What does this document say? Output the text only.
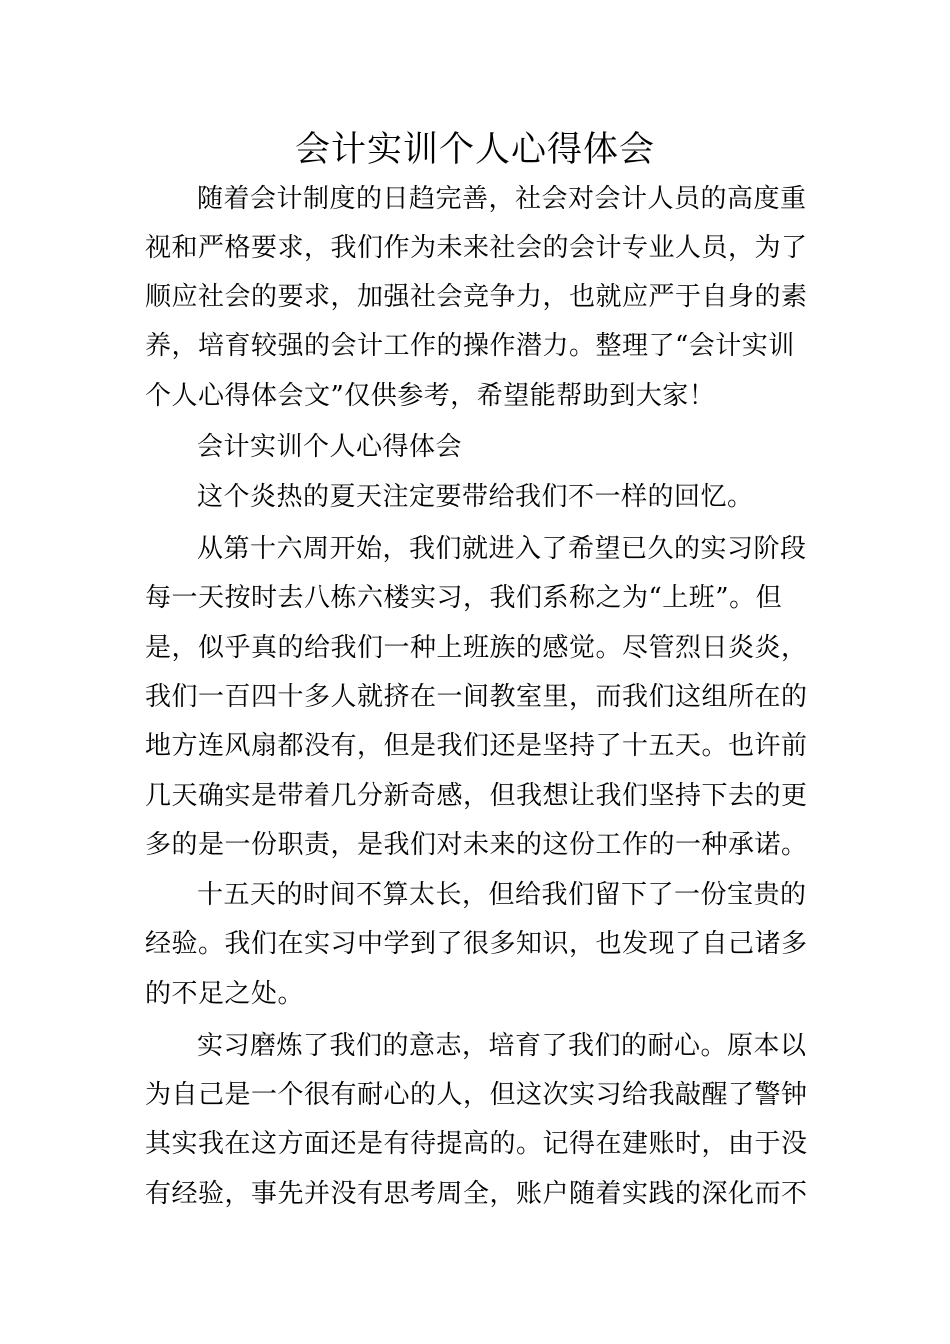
会计实训个人心得体会
随着会计制度的日趋完善，社会对会计人员的高度重
视和严格要求，我们作为未来社会的会计专业人员，为了
顺应社会的要求，加强社会竞争力，也就应严于自身的素
养，培育较强的会计工作的操作潜力。整理了“会计实训
个人心得体会文”仅供参考，希望能帮助到大家！
会计实训个人心得体会
这个炎热的夏天注定要带给我们不一样的回忆。
从第十六周开始，我们就进入了希望已久的实习阶段
每一天按时去八栋六楼实习，我们系称之为“上班”。但
是，似乎真的给我们一种上班族的感觉。尽管烈日炎炎，
我们一百四十多人就挤在一间教室里，而我们这组所在的
地方连风扇都没有，但是我们还是坚持了十五天。也许前
几天确实是带着几分新奇感，但我想让我们坚持下去的更
多的是一份职责，是我们对未来的这份工作的一种承诺。
十五天的时间不算太长，但给我们留下了一份宝贵的
经验。我们在实习中学到了很多知识，也发现了自己诸多
的不足之处。
实习磨炼了我们的意志，培育了我们的耐心。原本以
为自己是一个很有耐心的人，但这次实习给我敲醒了警钟
其实我在这方面还是有待提高的。记得在建账时，由于没
有经验，事先并没有思考周全，账户随着实践的深化而不
